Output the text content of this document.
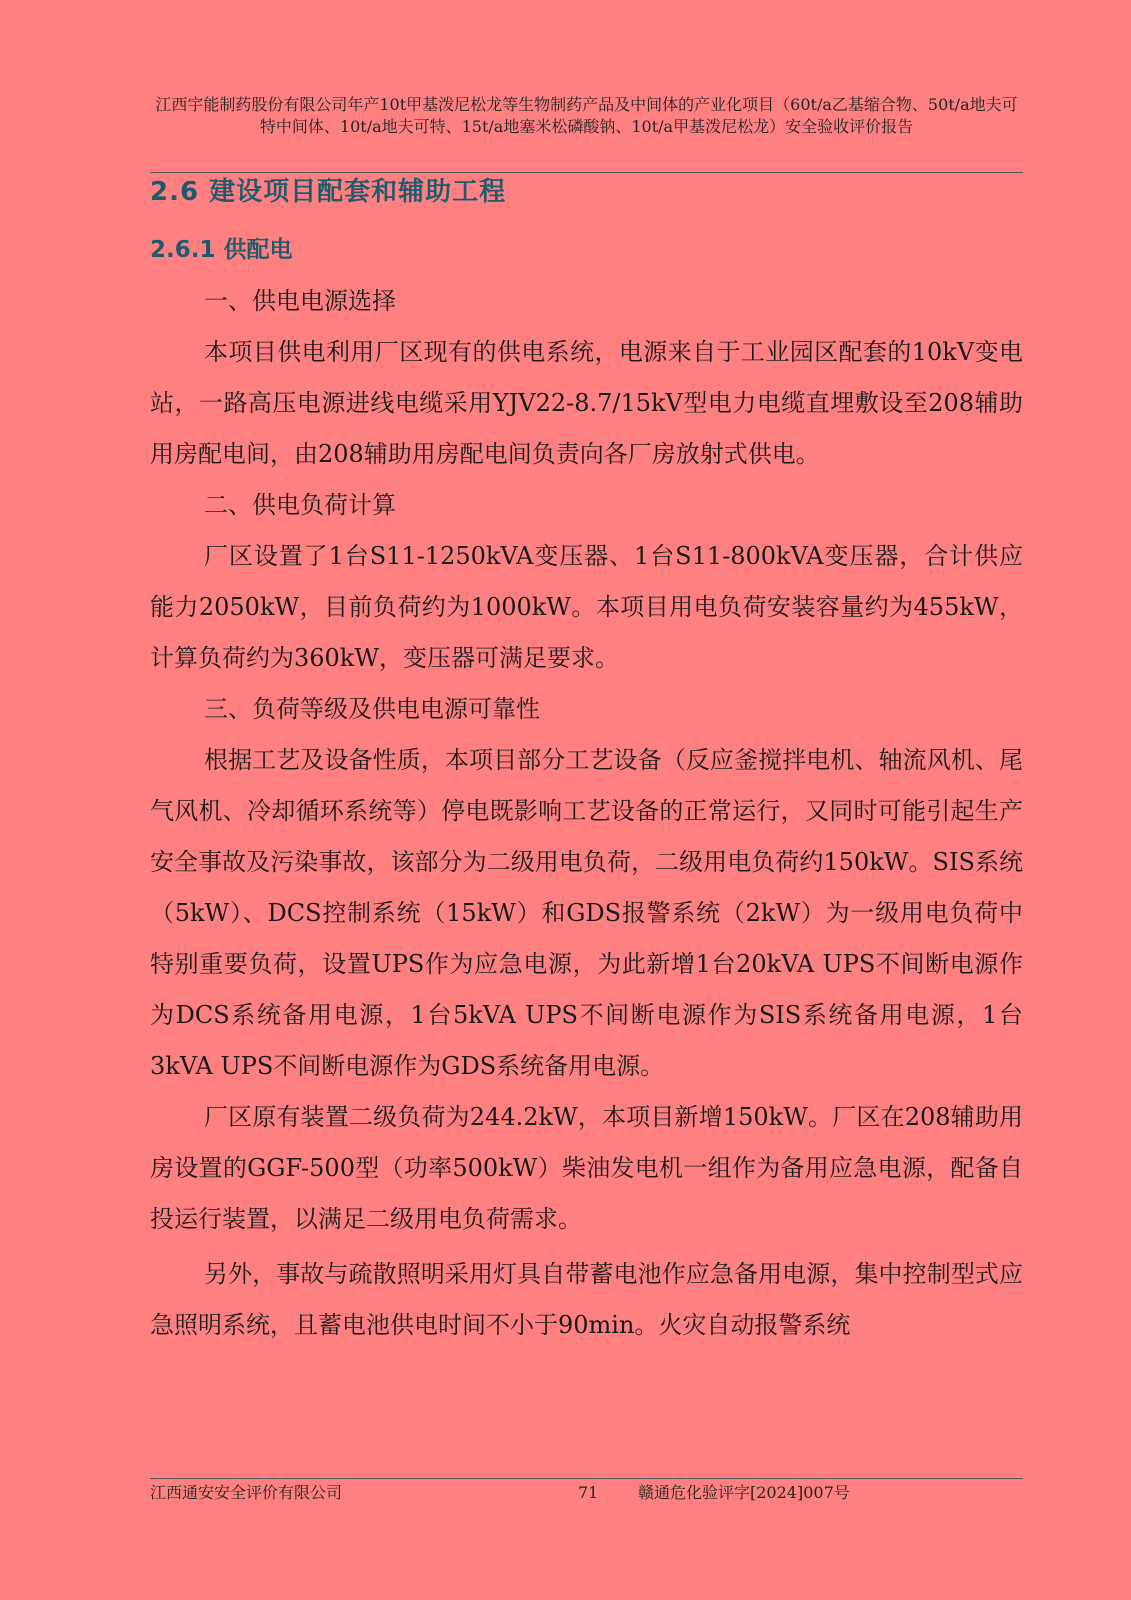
江西宇能制药股份有限公司年产10t甲基泼尼松龙等生物制药产品及中间体的产业化项目（60t/a乙基缩合物、50t/a地夫可特中间体、10t/a地夫可特、15t/a地塞米松磷酸钠、10t/a甲基泼尼松龙）安全验收评价报告
2.6 建设项目配套和辅助工程
2.6.1 供配电

一、供电电源选择

本项目供电利用厂区现有的供电系统，电源来自于工业园区配套的10kV变电站，一路高压电源进线电缆采用YJV22-8.7/15kV型电力电缆直埋敷设至208辅助用房配电间，由208辅助用房配电间负责向各厂房放射式供电。

二、供电负荷计算

厂区设置了1台S11-1250kVA变压器、1台S11-800kVA变压器，合计供应能力2050kW，目前负荷约为1000kW。本项目用电负荷安装容量约为455kW，计算负荷约为360kW，变压器可满足要求。

三、负荷等级及供电电源可靠性

根据工艺及设备性质，本项目部分工艺设备（反应釜搅拌电机、轴流风机、尾气风机、冷却循环系统等）停电既影响工艺设备的正常运行，又同时可能引起生产安全事故及污染事故，该部分为二级用电负荷，二级用电负荷约150kW。SIS系统（5kW）、DCS控制系统（15kW）和GDS报警系统（2kW）为一级用电负荷中特别重要负荷，设置UPS作为应急电源，为此新增1台20kVA UPS不间断电源作为DCS系统备用电源，1台5kVA UPS不间断电源作为SIS系统备用电源，1台3kVA UPS不间断电源作为GDS系统备用电源。

厂区原有装置二级负荷为244.2kW，本项目新增150kW。厂区在208辅助用房设置的GGF-500型（功率500kW）柴油发电机一组作为备用应急电源，配备自投运行装置，以满足二级用电负荷需求。

另外，事故与疏散照明采用灯具自带蓄电池作应急备用电源，集中控制型式应急照明系统，且蓄电池供电时间不小于90min。火灾自动报警系统

江西通安安全评价有限公司	71 赣通危化验评字[2024]007号
